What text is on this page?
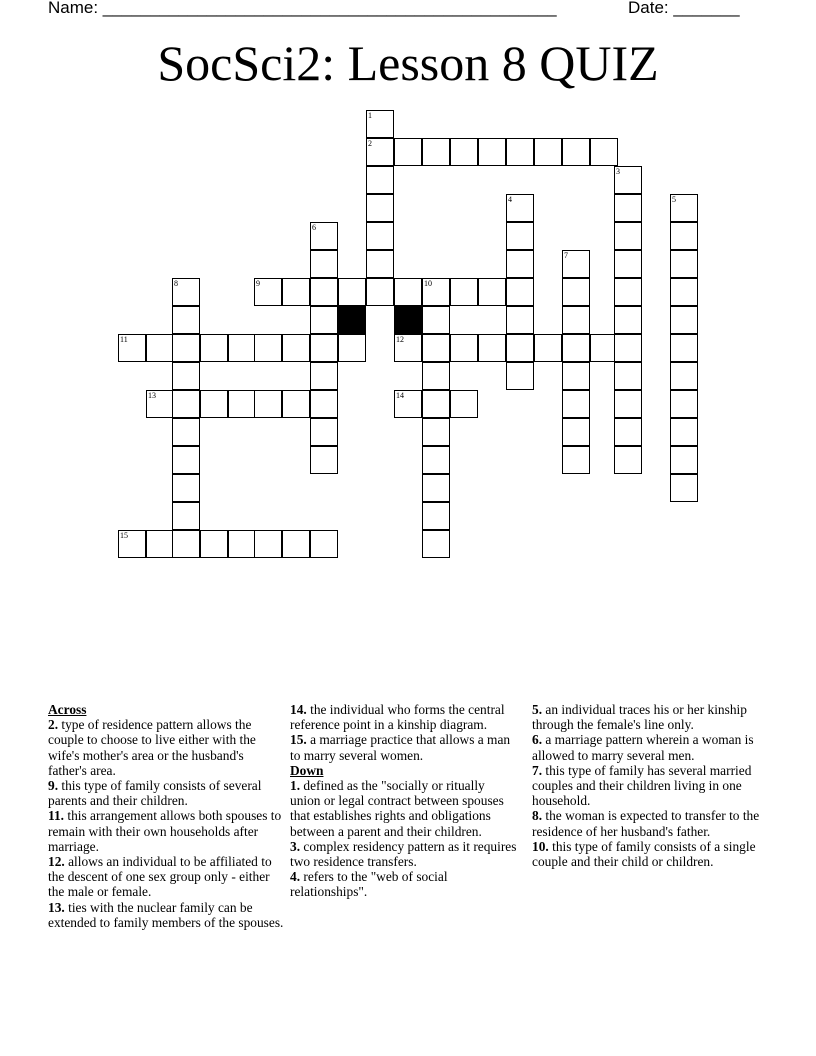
Name: ________________________________________________	Date: _______
SocSci2: Lesson 8 QUIZ
1
2
3
4	5
6
7
8	9	10
11	12
13	14
15
Across
2. type of residence pattern allows the couple to choose to live either with the wife's mother's area or the husband's father's area.
9. this type of family consists of several parents and their children.
11. this arrangement allows both spouses to remain with their own households after marriage.
12. allows an individual to be affiliated to the descent of one sex group only - either the male or female.
13. ties with the nuclear family can be extended to family members of the spouses.
14. the individual who forms the central reference point in a kinship diagram.
15. a marriage practice that allows a man to marry several women.
Down
1. defined as the "socially or ritually union or legal contract between spouses that establishes rights and obligations between a parent and their children.
3. complex residency pattern as it requires two residence transfers.
4. refers to the "web of social relationships".
5. an individual traces his or her kinship through the female's line only.
6. a marriage pattern wherein a woman is allowed to marry several men.
7. this type of family has several married couples and their children living in one household.
8. the woman is expected to transfer to the residence of her husband's father.
10. this type of family consists of a single couple and their child or children.
